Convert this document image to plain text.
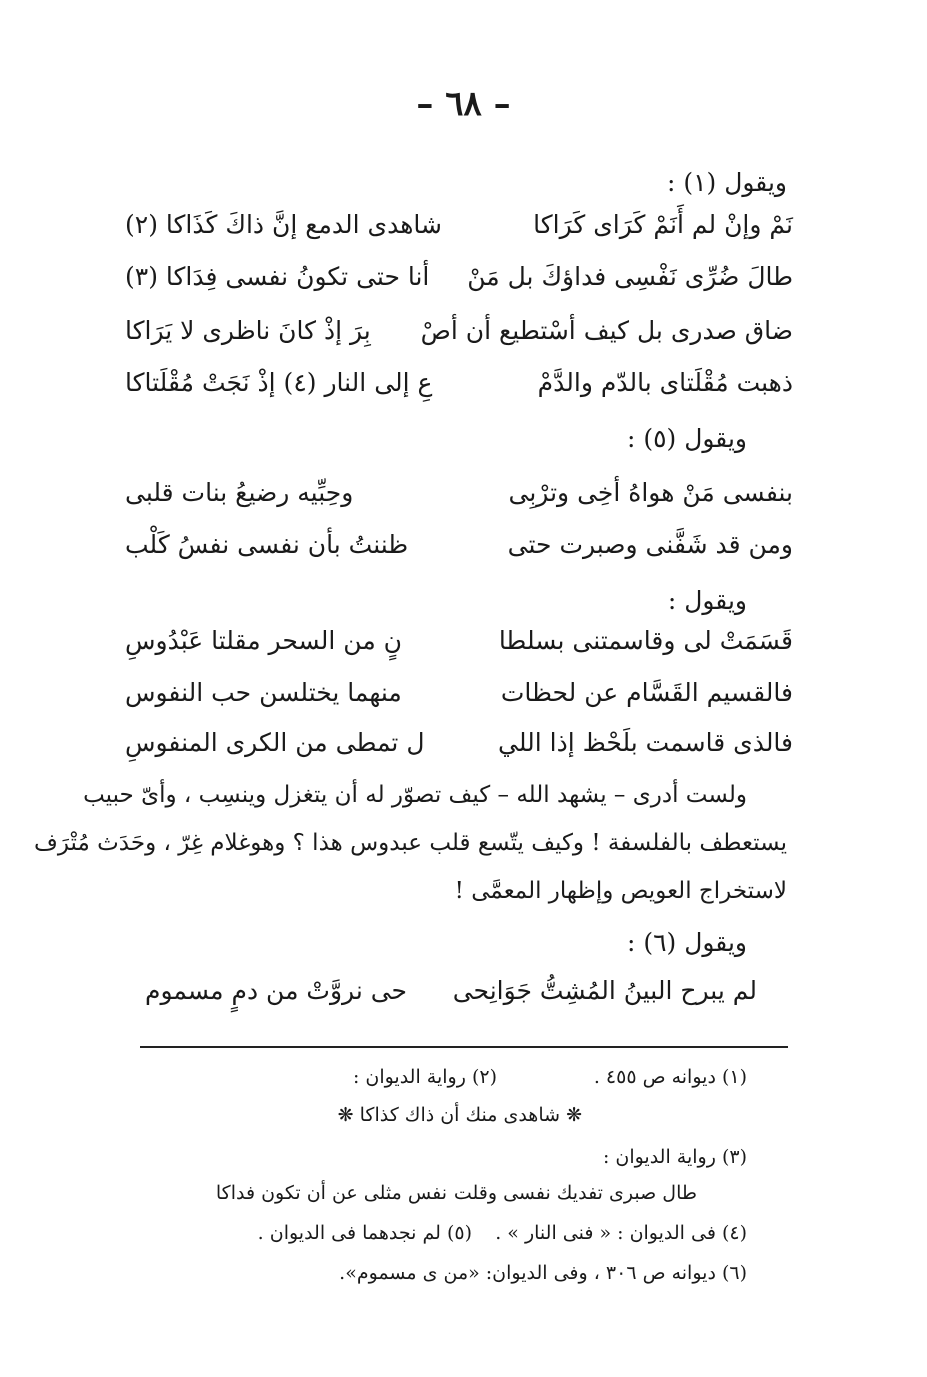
– ٦٨ –
ويقول (١) :
نَمْ وإنْ لم أَنَمْ كَرَاى كَرَاكا
شاهدى الدمع إنَّ ذاكَ كَذَاكا (٢)
طالَ ضُرِّى نَفْسِى فداؤكَ بل مَنْ
أنا حتى تكونُ نفسى فِدَاكا (٣)
ضاق صدرى بل كيف أسْتطيع أن أصْ
بِرَ إذْ كانَ ناظرى لا يَرَاكا
ذهبت مُقْلَتاى بالدّم والدَّمْ
عِ إلى النار (٤) إذْ نَجَتْ مُقْلَتاكا
ويقول (٥) :
بنفسى مَنْ هواهُ أخِى وترْبِى
وحِبِّيه رضيعُ بنات قلبى
ومن قد شَفَّنى وصبرت حتى
ظننتُ بأن نفسى نفسُ كَلْب
ويقول :
قَسَمَتْ لى وقاسمتنى بسلطا
نٍ من السحر مقلتا عَبْدُوسِ
فالقسيم القَسَّام عن لحظات
منهما يختلسن حب النفوس
فالذى قاسمت بلَحْظ إذا اللي
ل تمطى من الكرى المنفوسِ
ولست أدرى – يشهد الله – كيف تصوّر له أن يتغزل وينسِب ، وأىّ حبيب
يستعطف بالفلسفة ! وكيف يتّسع قلب عبدوس هذا ؟ وهوغلام غِرّ ، وحَدَث مُتْرَف
لاستخراج العويص وإظهار المعمَّى !
ويقول (٦) :
لم يبرح البينُ المُشِتُّ جَوَانِحى
حى نروَّتْ من دمٍ مسموم
(١) ديوانه ص ٤٥٥ .
(٢) رواية الديوان :
❋ شاهدى منك أن ذاك كذاكا ❋
(٣) رواية الديوان :
طال صبرى تفديك نفسى وقلت
نفس مثلى عن أن تكون فداكا
(٤) فى الديوان : « فنى النار » .
(٥) لم نجدهما فى الديوان .
(٦) ديوانه ص ٣٠٦ ، وفى الديوان: «من ى مسموم».
